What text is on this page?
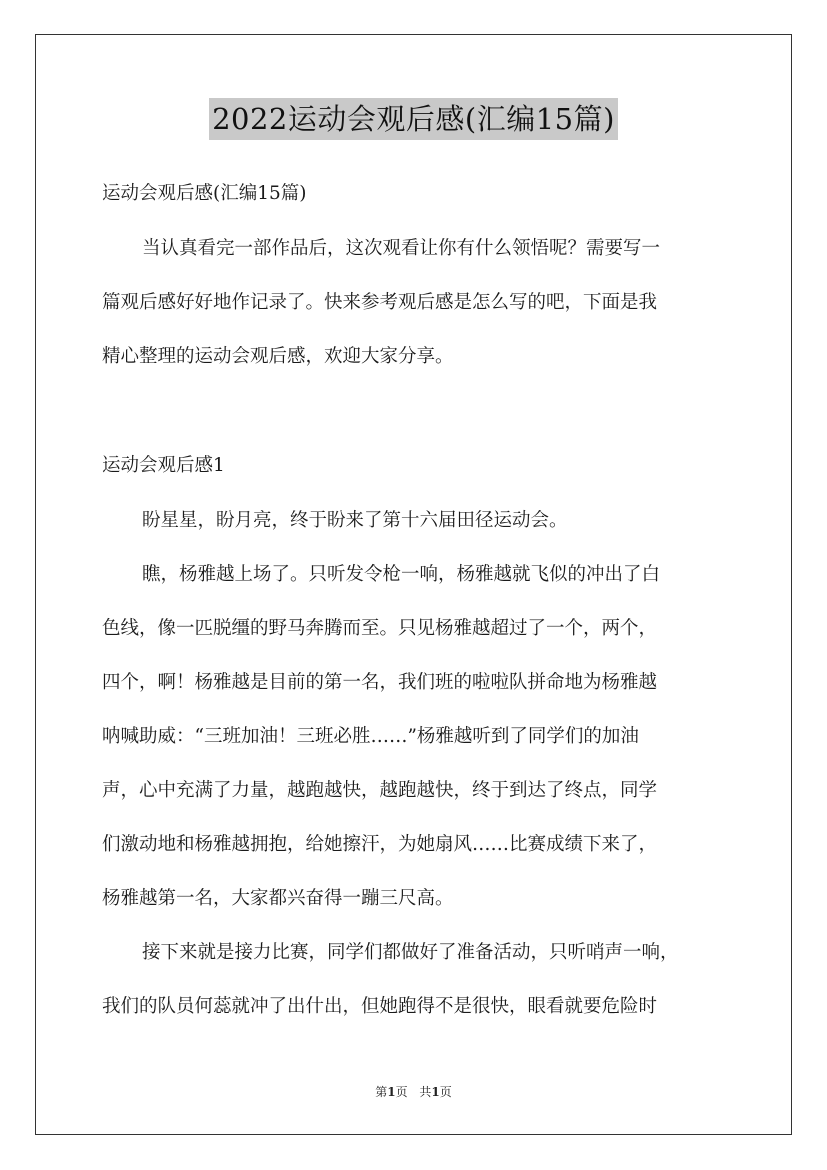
2022运动会观后感(汇编15篇)
运动会观后感(汇编15篇)
当认真看完一部作品后，这次观看让你有什么领悟呢？需要写一
篇观后感好好地作记录了。快来参考观后感是怎么写的吧，下面是我
精心整理的运动会观后感，欢迎大家分享。
运动会观后感1
盼星星，盼月亮，终于盼来了第十六届田径运动会。
瞧，杨雅越上场了。只听发令枪一响，杨雅越就飞似的冲出了白
色线，像一匹脱缰的野马奔腾而至。只见杨雅越超过了一个，两个，
四个，啊！杨雅越是目前的第一名，我们班的啦啦队拼命地为杨雅越
呐喊助威：“三班加油！三班必胜……”杨雅越听到了同学们的加油
声，心中充满了力量，越跑越快，越跑越快，终于到达了终点，同学
们激动地和杨雅越拥抱，给她擦汗，为她扇风……比赛成绩下来了，
杨雅越第一名，大家都兴奋得一蹦三尺高。
接下来就是接力比赛，同学们都做好了准备活动，只听哨声一响，
我们的队员何蕊就冲了出什出，但她跑得不是很快，眼看就要危险时
第1页 共1页
